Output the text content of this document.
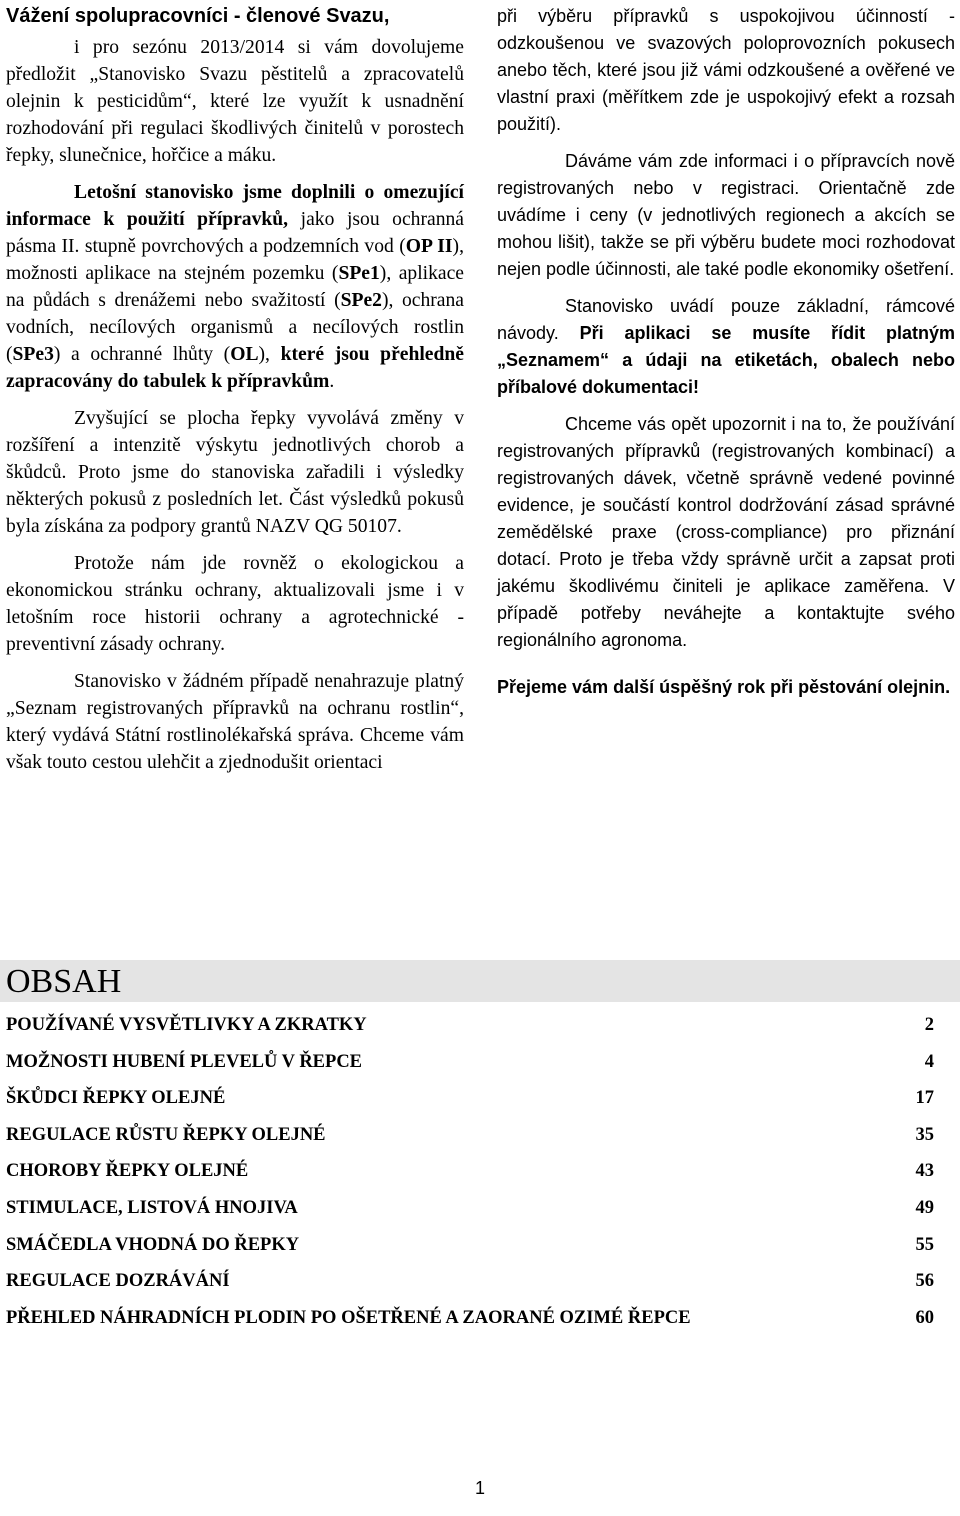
Vážení spolupracovníci - členové Svazu,

i pro sezónu 2013/2014 si vám dovolujeme předložit „Stanovisko Svazu pěstitelů a zpracovatelů olejnin k pesticidům“, které lze využít k usnadnění rozhodování při regulaci škodlivých činitelů v porostech řepky, slunečnice, hořčice a máku.

Letošní stanovisko jsme doplnili o omezující informace k použití přípravků, jako jsou ochranná pásma II. stupně povrchových a podzemních vod (OP II), možnosti aplikace na stejném pozemku (SPe1), aplikace na půdách s drenážemi nebo svažitostí (SPe2), ochrana vodních, necílových organismů a necílových rostlin (SPe3) a ochranné lhůty (OL), které jsou přehledně zapracovány do tabulek k přípravkům.

Zvyšující se plocha řepky vyvolává změny v rozšíření a intenzitě výskytu jednotlivých chorob a škůdců. Proto jsme do stanoviska zařadili i výsledky některých pokusů z posledních let. Část výsledků pokusů byla získána za podpory grantů NAZV QG 50107.

Protože nám jde rovněž o ekologickou a ekonomickou stránku ochrany, aktualizovali jsme i v letošním roce historii ochrany a agrotechnické - preventivní zásady ochrany.

Stanovisko v žádném případě nenahrazuje platný „Seznam registrovaných přípravků na ochranu rostlin“, který vydává Státní rostlinolékařská správa. Chceme vám však touto cestou ulehčit a zjednodušit orientaci

při výběru přípravků s uspokojivou účinností - odzkoušenou ve svazových poloprovozních pokusech anebo těch, které jsou již vámi odzkoušené a ověřené ve vlastní praxi (měřítkem zde je uspokojivý efekt a rozsah použití).

Dáváme vám zde informaci i o přípravcích nově registrovaných nebo v registraci. Orientačně zde uvádíme i ceny (v jednotlivých regionech a akcích se mohou lišit), takže se při výběru budete moci rozhodovat nejen podle účinnosti, ale také podle ekonomiky ošetření.

Stanovisko uvádí pouze základní, rámcové návody. Při aplikaci se musíte řídit platným „Seznamem“ a údaji na etiketách, obalech nebo příbalové dokumentaci!

Chceme vás opět upozornit i na to, že používání registrovaných přípravků (registrovaných kombinací) a registrovaných dávek, včetně správně vedené povinné evidence, je součástí kontrol dodržování zásad správné zemědělské praxe (cross-compliance) pro přiznání dotací. Proto je třeba vždy správně určit a zapsat proti jakému škodlivému činiteli je aplikace zaměřena. V případě potřeby neváhejte a kontaktujte svého regionálního agronoma.

Přejeme vám další úspěšný rok při pěstování olejnin.

OBSAH
POUŽÍVANÉ VYSVĚTLIVKY A ZKRATKY	2
MOŽNOSTI HUBENÍ PLEVELŮ V ŘEPCE	4
ŠKŮDCI ŘEPKY OLEJNÉ	17
REGULACE RŮSTU ŘEPKY OLEJNÉ	35
CHOROBY ŘEPKY OLEJNÉ	43
STIMULACE, LISTOVÁ HNOJIVA	49
SMÁČEDLA VHODNÁ DO ŘEPKY	55
REGULACE DOZRÁVÁNÍ	56
PŘEHLED NÁHRADNÍCH PLODIN PO OŠETŘENÉ A ZAORANÉ OZIMÉ ŘEPCE	60
1
